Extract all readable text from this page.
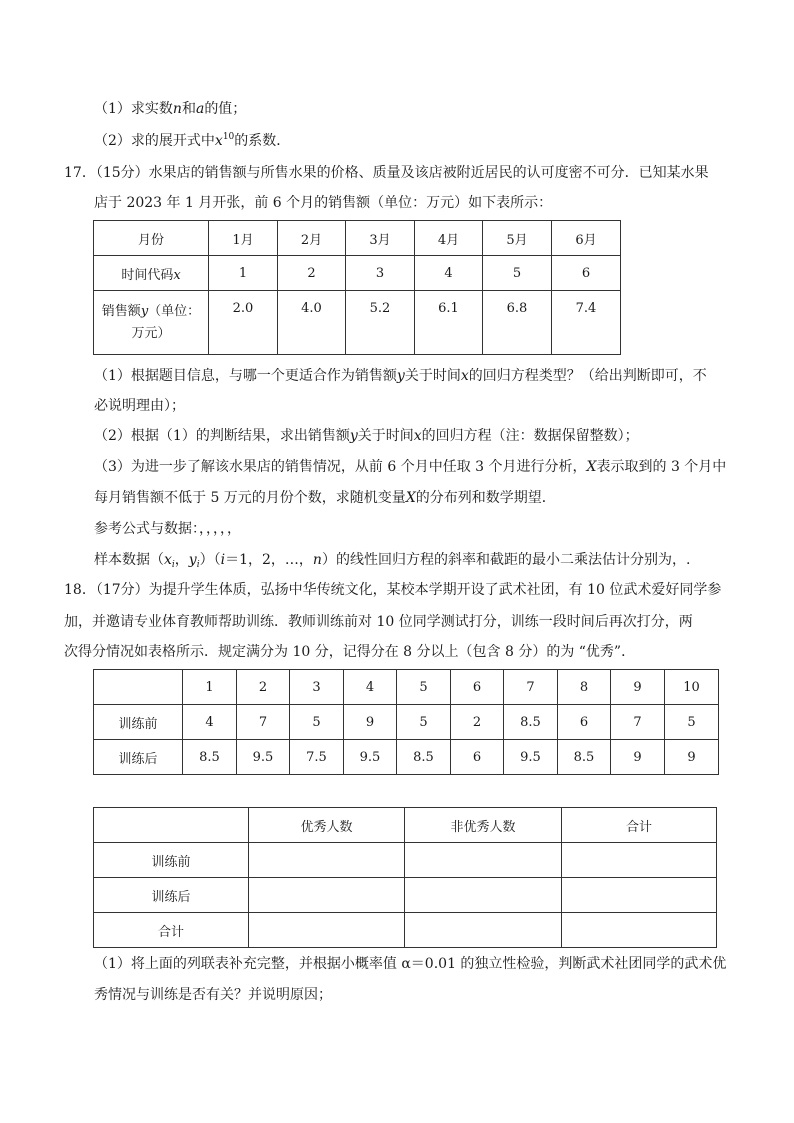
（1）求实数n和a的值；
（2）求的展开式中$x^{10}$的系数．
17．（15分）水果店的销售额与所售水果的价格、质量及该店被附近居民的认可度密不可分．已知某水果
店于 2023 年 1 月开张，前 6 个月的销售额（单位：万元）如下表所示：
月份	1月	2月	3月	4月	5月	6月
时间代码x	1	2	3	4	5	6
销售额y（单位：
万元）	2.0	4.0	5.2	6.1	6.8	7.4
（1）根据题目信息，与哪一个更适合作为销售额y关于时间x的回归方程类型？（给出判断即可，不
必说明理由）；
（2）根据（1）的判断结果，求出销售额y关于时间x的回归方程（注：数据保留整数）；
（3）为进一步了解该水果店的销售情况，从前 6 个月中任取 3 个月进行分析，X表示取到的 3 个月中
每月销售额不低于 5 万元的月份个数，求随机变量X的分布列和数学期望．
参考公式与数据：，，，，，
样本数据（$x_i$，$y_i)(i=1$，2，…，n）的线性回归方程的斜率和截距的最小二乘法估计分别为，.
18．（17分）为提升学生体质，弘扬中华传统文化，某校本学期开设了武术社团，有 10 位武术爱好同学参
加，并邀请专业体育教师帮助训练．教师训练前对 10 位同学测试打分，训练一段时间后再次打分，两
次得分情况如表格所示．规定满分为 10 分，记得分在 8 分以上（包含 8 分）的为 “优秀”．
	1	2	3	4	5	6	7	8	9	10
训练前	4	7	5	9	5	2	8.5	6	7	5
训练后	8.5	9.5	7.5	9.5	8.5	6	9.5	8.5	9	9
	优秀人数	非优秀人数	合计
训练前			
训练后			
合计			
（1）将上面的列联表补充完整，并根据小概率值 α＝0.01 的独立性检验，判断武术社团同学的武术优
秀情况与训练是否有关？并说明原因；
